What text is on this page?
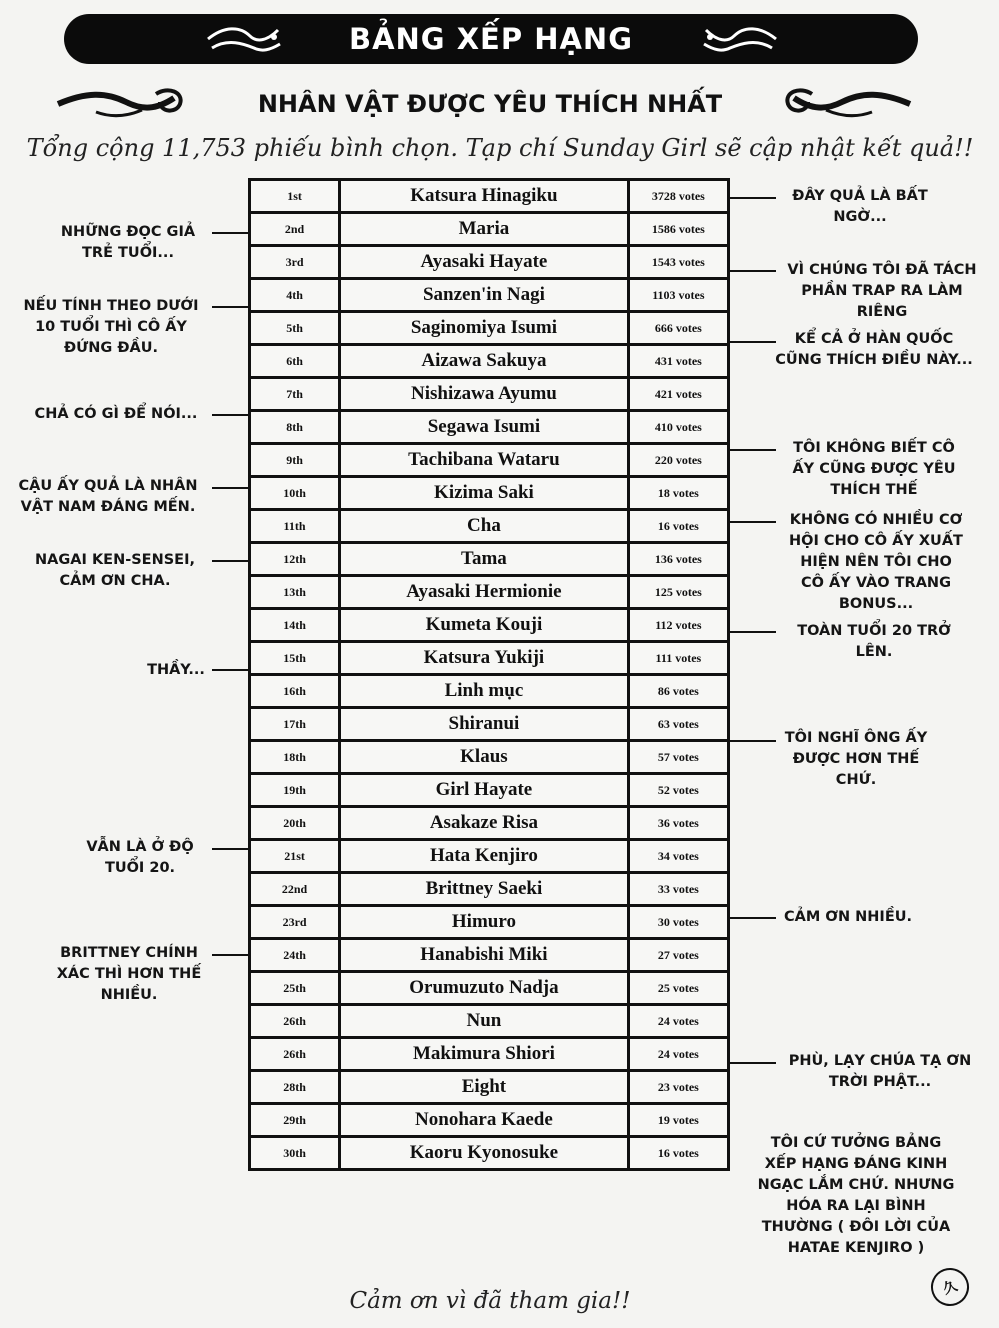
BẢNG XẾP HẠNG
NHÂN VẬT ĐƯỢC YÊU THÍCH NHẤT
Tổng cộng 11,753 phiếu bình chọn. Tạp chí Sunday Girl sẽ cập nhật kết quả!!
1st	Katsura Hinagiku	3728 votes
2nd	Maria	1586 votes
3rd	Ayasaki Hayate	1543 votes
4th	Sanzen'in Nagi	1103 votes
5th	Saginomiya Isumi	666 votes
6th	Aizawa Sakuya	431 votes
7th	Nishizawa Ayumu	421 votes
8th	Segawa Isumi	410 votes
9th	Tachibana Wataru	220 votes
10th	Kizima Saki	18 votes
11th	Cha	16 votes
12th	Tama	136 votes
13th	Ayasaki Hermionie	125 votes
14th	Kumeta Kouji	112 votes
15th	Katsura Yukiji	111 votes
16th	Linh mục	86 votes
17th	Shiranui	63 votes
18th	Klaus	57 votes
19th	Girl Hayate	52 votes
20th	Asakaze Risa	36 votes
21st	Hata Kenjiro	34 votes
22nd	Brittney Saeki	33 votes
23rd	Himuro	30 votes
24th	Hanabishi Miki	27 votes
25th	Orumuzuto Nadja	25 votes
26th	Nun	24 votes
26th	Makimura Shiori	24 votes
28th	Eight	23 votes
29th	Nonohara Kaede	19 votes
30th	Kaoru Kyonosuke	16 votes
NHỮNG ĐỌC GIẢ
TRẺ TUỔI...
NẾU TÍNH THEO DƯỚI
10 TUỔI THÌ CÔ ẤY
ĐỨNG ĐẦU.
CHẢ CÓ GÌ ĐỂ NÓI...
CẬU ẤY QUẢ LÀ NHÂN
VẬT NAM ĐÁNG MẾN.
NAGAI KEN-SENSEI,
CẢM ƠN CHA.
THẦY...
VẪN LÀ Ở ĐỘ
TUỔI 20.
BRITTNEY CHÍNH
XÁC THÌ HƠN THẾ
NHIỀU.
ĐÂY QUẢ LÀ BẤT
NGỜ...
VÌ CHÚNG TÔI ĐÃ TÁCH
PHẦN TRAP RA LÀM
RIÊNG
KỂ CẢ Ở HÀN QUỐC
CŨNG THÍCH ĐIỀU NÀY...
TÔI KHÔNG BIẾT CÔ
ẤY CŨNG ĐƯỢC YÊU
THÍCH THẾ
KHÔNG CÓ NHIỀU CƠ
HỘI CHO CÔ ẤY XUẤT
HIỆN NÊN TÔI CHO
CÔ ẤY VÀO TRANG
BONUS...
TOÀN TUỔI 20 TRỞ
LÊN.
TÔI NGHĨ ÔNG ẤY
ĐƯỢC HƠN THẾ
CHỨ.
CẢM ƠN NHIỀU.
PHÙ, LẠY CHÚA TẠ ƠN
TRỜI PHẬT...
TÔI CỨ TƯỞNG BẢNG
XẾP HẠNG ĐÁNG KINH
NGẠC LẮM CHỨ. NHƯNG
HÓA RA LẠI BÌNH
THƯỜNG ( ĐÔI LỜI CỦA
HATAE KENJIRO )
Cảm ơn vì đã tham gia!!
久
